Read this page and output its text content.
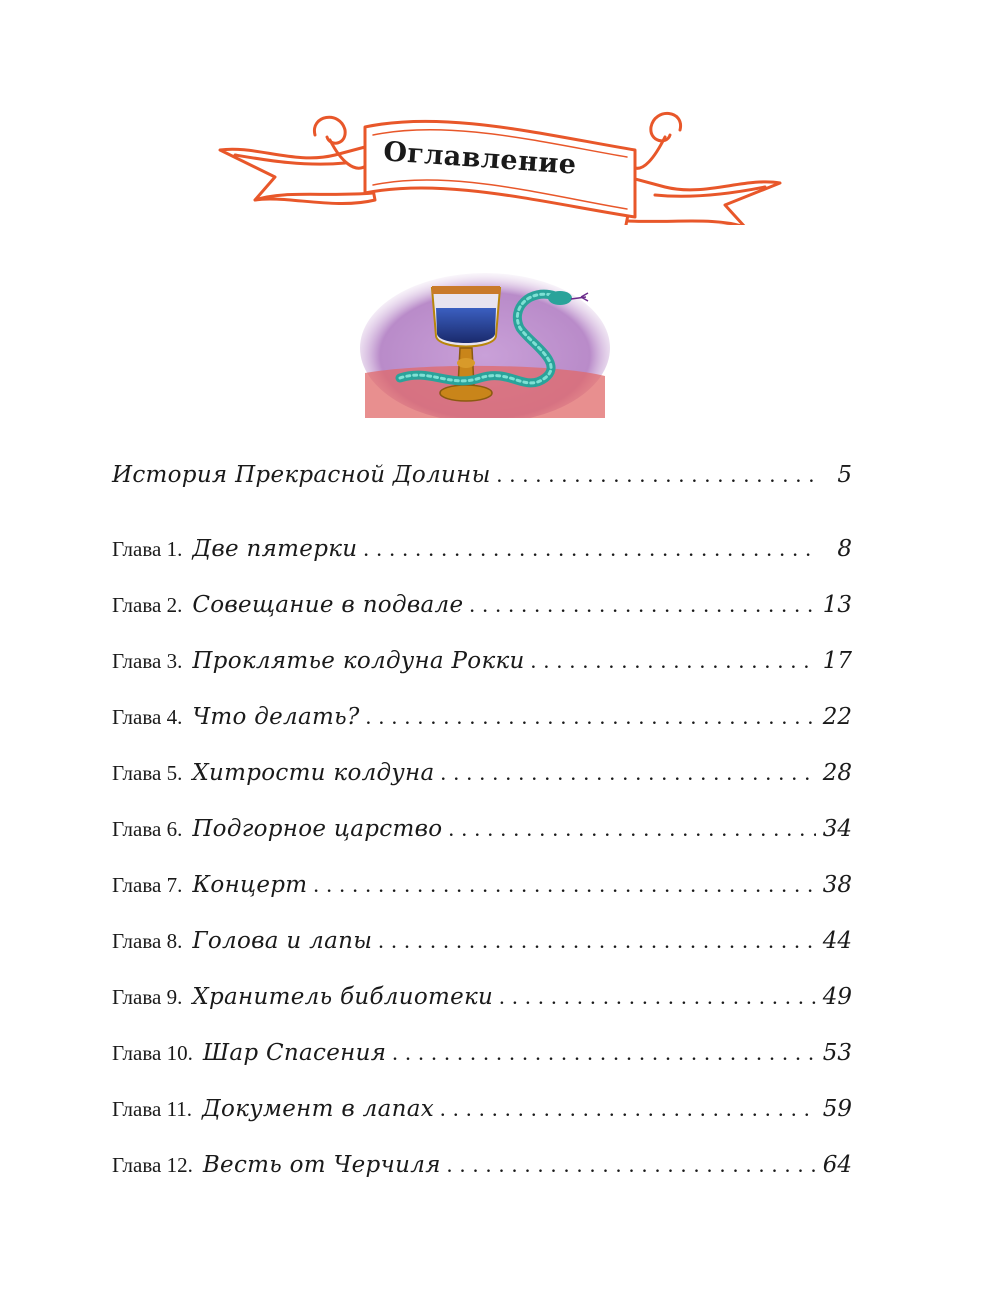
Оглавление
История Прекрасной Долины . . .	5
Глава 1. Две пятерки . . .	8
Глава 2. Совещание в подвале . . .	13
Глава 3. Проклятье колдуна Рокки . . .	17
Глава 4. Что делать? . . .	22
Глава 5. Хитрости колдуна . . .	28
Глава 6. Подгорное царство . . .	34
Глава 7. Концерт . . .	38
Глава 8. Голова и лапы . . .	44
Глава 9. Хранитель библиотеки . . .	49
Глава 10. Шар Спасения . . .	53
Глава 11. Документ в лапах . . .	59
Глава 12. Весть от Черчиля . . .	64
